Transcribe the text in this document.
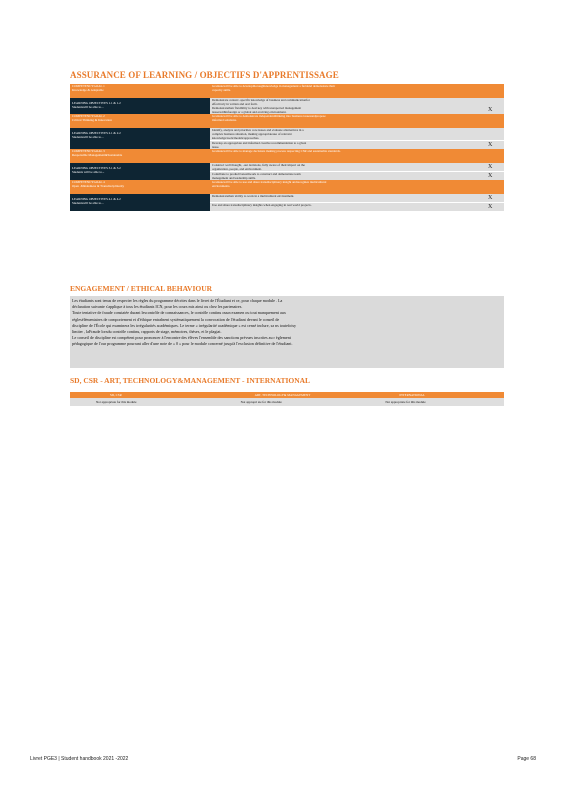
ASSURANCE OF LEARNING / OBJECTIFS D'APPRENTISSAGE
COMPETENCYGOAL 1
Knowledge & Adaptable	Graduatewill be able to developthoroughknowledge in management a fieldand demonstrate their
capacity skills.	

LEARNING OBJECTIVES 1.1 & 1.2
Studentswill be able to...	Demonstrate context -specific knowledge of business and communicationfor
effectively in written and oral form.
Demonstratetheir flexibility to deal key with unexpected management
issueswithinforeign or a global and evolving environment.	X

COMPETENCYGOAL 2
Critical Thinking & Innovation	Graduatewill be able to demonstrate independentthinking into business issuesandpropose
informed solutions.	

LEARNING OBJECTIVES 2.1 & 2.2
Studentswill be able to...	Identify, analyze and prioritize core issues and evaluate alternatives in a
complex business situation, making appropriateuse of relevant
knowledge/tools/models/approaches.	

	Develop an appropriate and informed creative recommendation to a given
issue.	X

COMPETENCYGOAL 3
Responsible Management&Sustainable	Graduatewill be able to manage decisions making process respecting CSR and sustainable standards.	

LEARNING OBJECTIVES 3.1 & 3.2
Students will be able to...	Construct well thought, -out decisions, fully aware of their impact on the
organization, people, and environment.	X

	Contribute to productiveteamwork to construct and demonstrate team
management and leadership skills.	X

COMPETENCYGOAL 4
Open -Mindedness & Transdisciplinarity	Graduatewill be able to use and share transdisciplinary insight andrecognize multicultural
environments.	

LEARNING OBJECTIVES 4.1 & 4.2
Studentswill be able to...	Demonstratetheir ability to work in a multicultural environment.	X

	Use and share transdisciplinary insights when engaging in real world projects.	X
ENGAGEMENT / ETHICAL BEHAVIOUR

Les étudiants sont tenus de respecter les règles du programme décrites dans le livret de l'Étudiant et ce, pour chaque module . La

déclaration suivante s'applique à tous les étudiants ICN, pour les cours mis ainsi ou chez les partenaires.

Toute tentative de fraude constatée durant lescontrôle de connaissances, le contrôle continu ouun examen ou tout manquement aux

règlesélémentaires de comportement et d'éthique entraînent systématiquement la convocation de l'étudiant devant le conseil de

discipline de l'École qui examinera les irrégularités académiques. Le terme « irrégularité académique » est censé inclure, sa ns toutefoisy

limiter , laFraude lorsdu contrôle continu, rapports de stage, mémoires, thèses, et le plagiat.

Le conseil de discipline est compétent pour prononcer à l'encontre des élèves l'ensemble des sanctions prévues inscrites au r èglement

pédagogique de l'our programme pourrant aller d'une note de « 0 » pour le module concerné jusqu'à l'exclusion définitive de l'étudiant.

SD, CSR - ART, TECHNOLOGY&MANAGEMENT - INTERNATIONAL
SD, CSR	ART, TECHNOLOGY& MANAGEMENT	INTERNATIONAL
Not appropriate for this module	Not appropri ate for this module	Not appropriate for this module
Livret PGE3 | Student handbook 2021 -2022	Page 68
